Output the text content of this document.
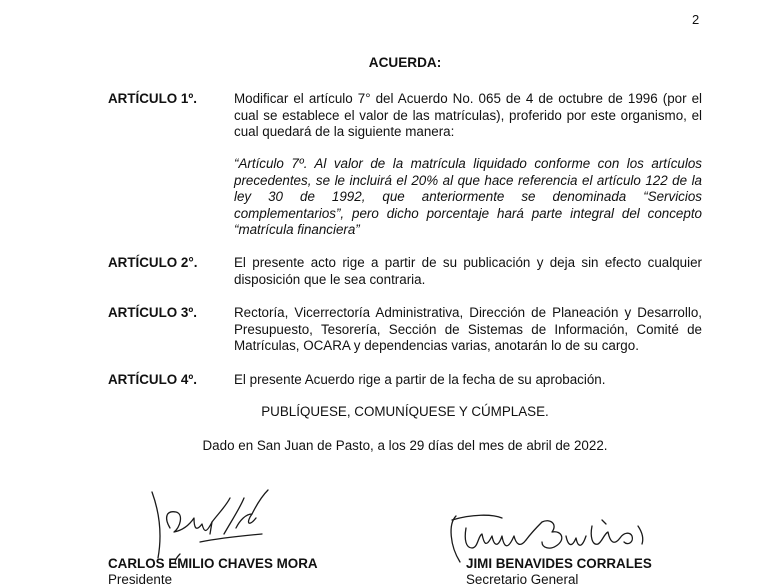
2
ACUERDA:
ARTÍCULO 1º.	Modificar el artículo 7° del Acuerdo No. 065 de 4 de octubre de 1996 (por el cual se establece el valor de las matrículas), proferido por este organismo, el cual quedará de la siguiente manera:
“Artículo 7º. Al valor de la matrícula liquidado conforme con los artículos precedentes, se le incluirá el 20% al que hace referencia el artículo 122 de la ley 30 de 1992, que anteriormente se denominada “Servicios complementarios”, pero dicho porcentaje hará parte integral del concepto “matrícula financiera”
ARTÍCULO 2°.	El presente acto rige a partir de su publicación y deja sin efecto cualquier disposición que le sea contraria.
ARTÍCULO 3º.	Rectoría, Vicerrectoría Administrativa, Dirección de Planeación y Desarrollo, Presupuesto, Tesorería, Sección de Sistemas de Información, Comité de Matrículas, OCARA y dependencias varias, anotarán lo de su cargo.
ARTÍCULO 4º.	El presente Acuerdo rige a partir de la fecha de su aprobación.
PUBLÍQUESE, COMUNÍQUESE Y CÚMPLASE.
Dado en San Juan de Pasto, a los 29 días del mes de abril de 2022.
CARLOS EMILIO CHAVES MORA
Presidente
JIMI BENAVIDES CORRALES
Secretario General
